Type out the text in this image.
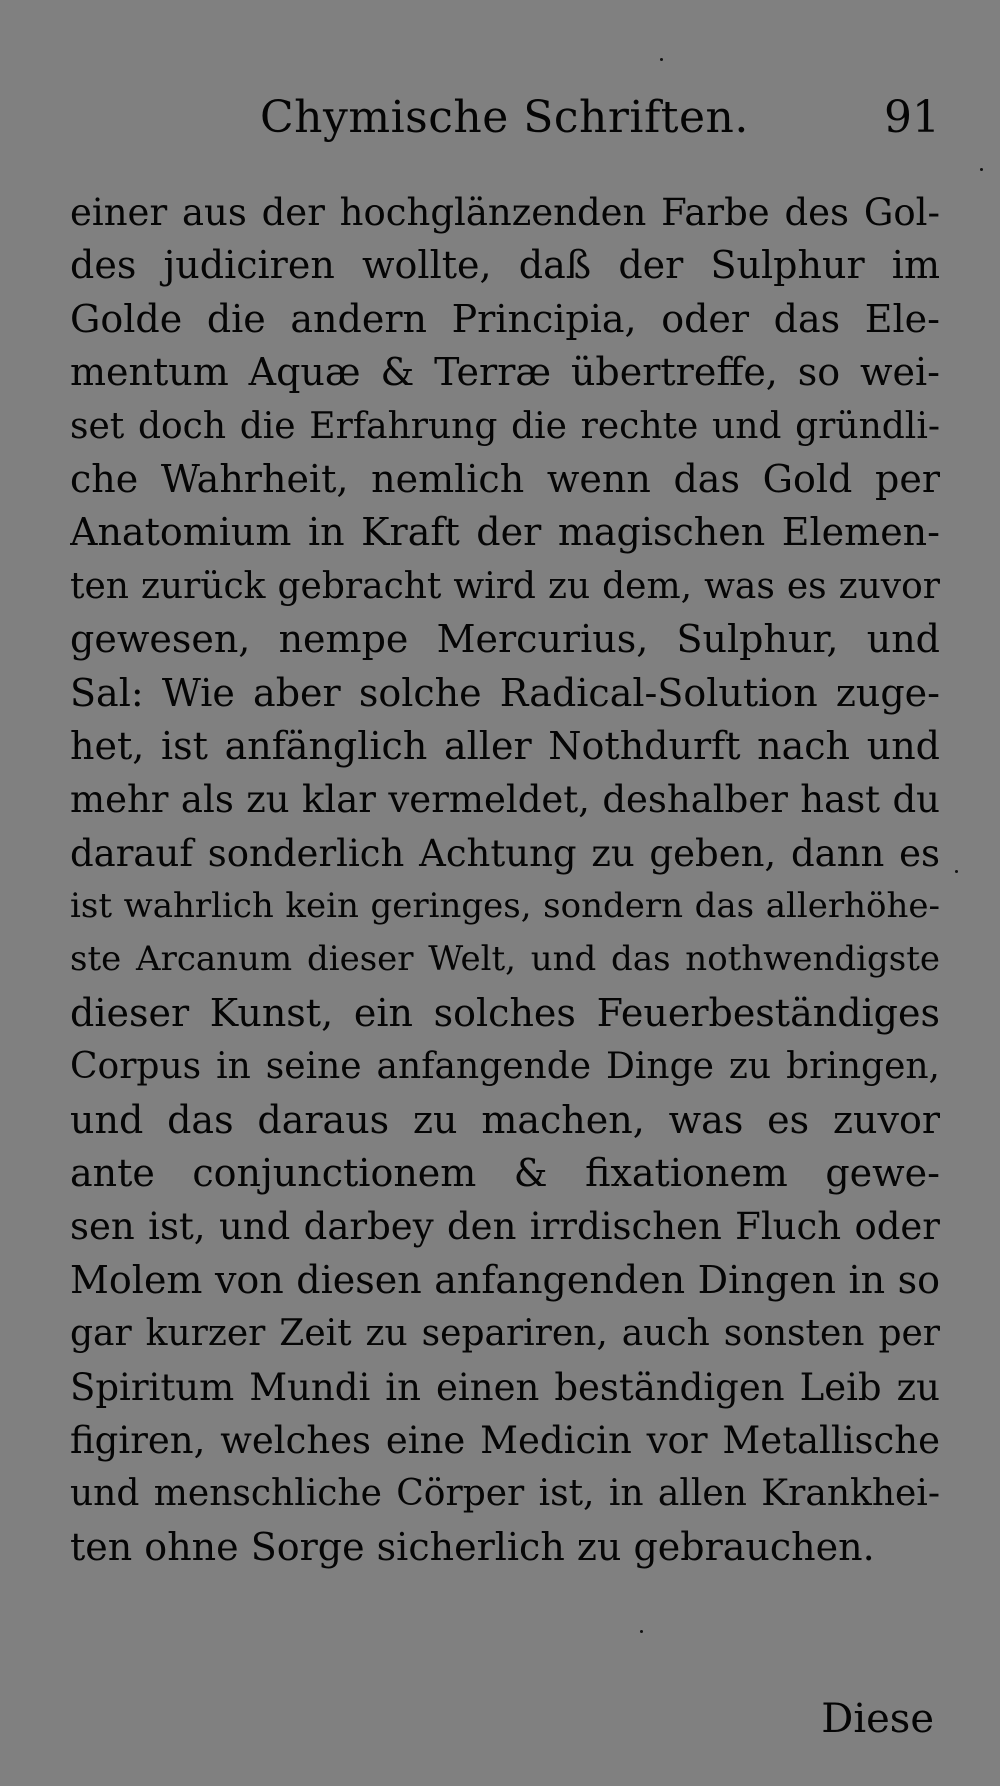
Chymische Schriften.	91
einer aus der hochglänzenden Farbe des Gol-
des judiciren wollte, daß der Sulphur im
Golde die andern Principia, oder das Ele-
mentum Aquæ & Terræ übertreffe, so wei-
set doch die Erfahrung die rechte und gründli-
che Wahrheit, nemlich wenn das Gold per
Anatomium in Kraft der magischen Elemen-
ten zurück gebracht wird zu dem, was es zuvor
gewesen, nempe Mercurius, Sulphur, und
Sal: Wie aber solche Radical-Solution zuge-
het, ist anfänglich aller Nothdurft nach und
mehr als zu klar vermeldet, deshalber hast du
darauf sonderlich Achtung zu geben, dann es
ist wahrlich kein geringes, sondern das allerhöhe-
ste Arcanum dieser Welt, und das nothwendigste
dieser Kunst, ein solches Feuerbeständiges
Corpus in seine anfangende Dinge zu bringen,
und das daraus zu machen, was es zuvor
ante conjunctionem & fixationem gewe-
sen ist, und darbey den irrdischen Fluch oder
Molem von diesen anfangenden Dingen in so
gar kurzer Zeit zu separiren, auch sonsten per
Spiritum Mundi in einen beständigen Leib zu
figiren, welches eine Medicin vor Metallische
und menschliche Cörper ist, in allen Krankhei-
ten ohne Sorge sicherlich zu gebrauchen.
Diese
